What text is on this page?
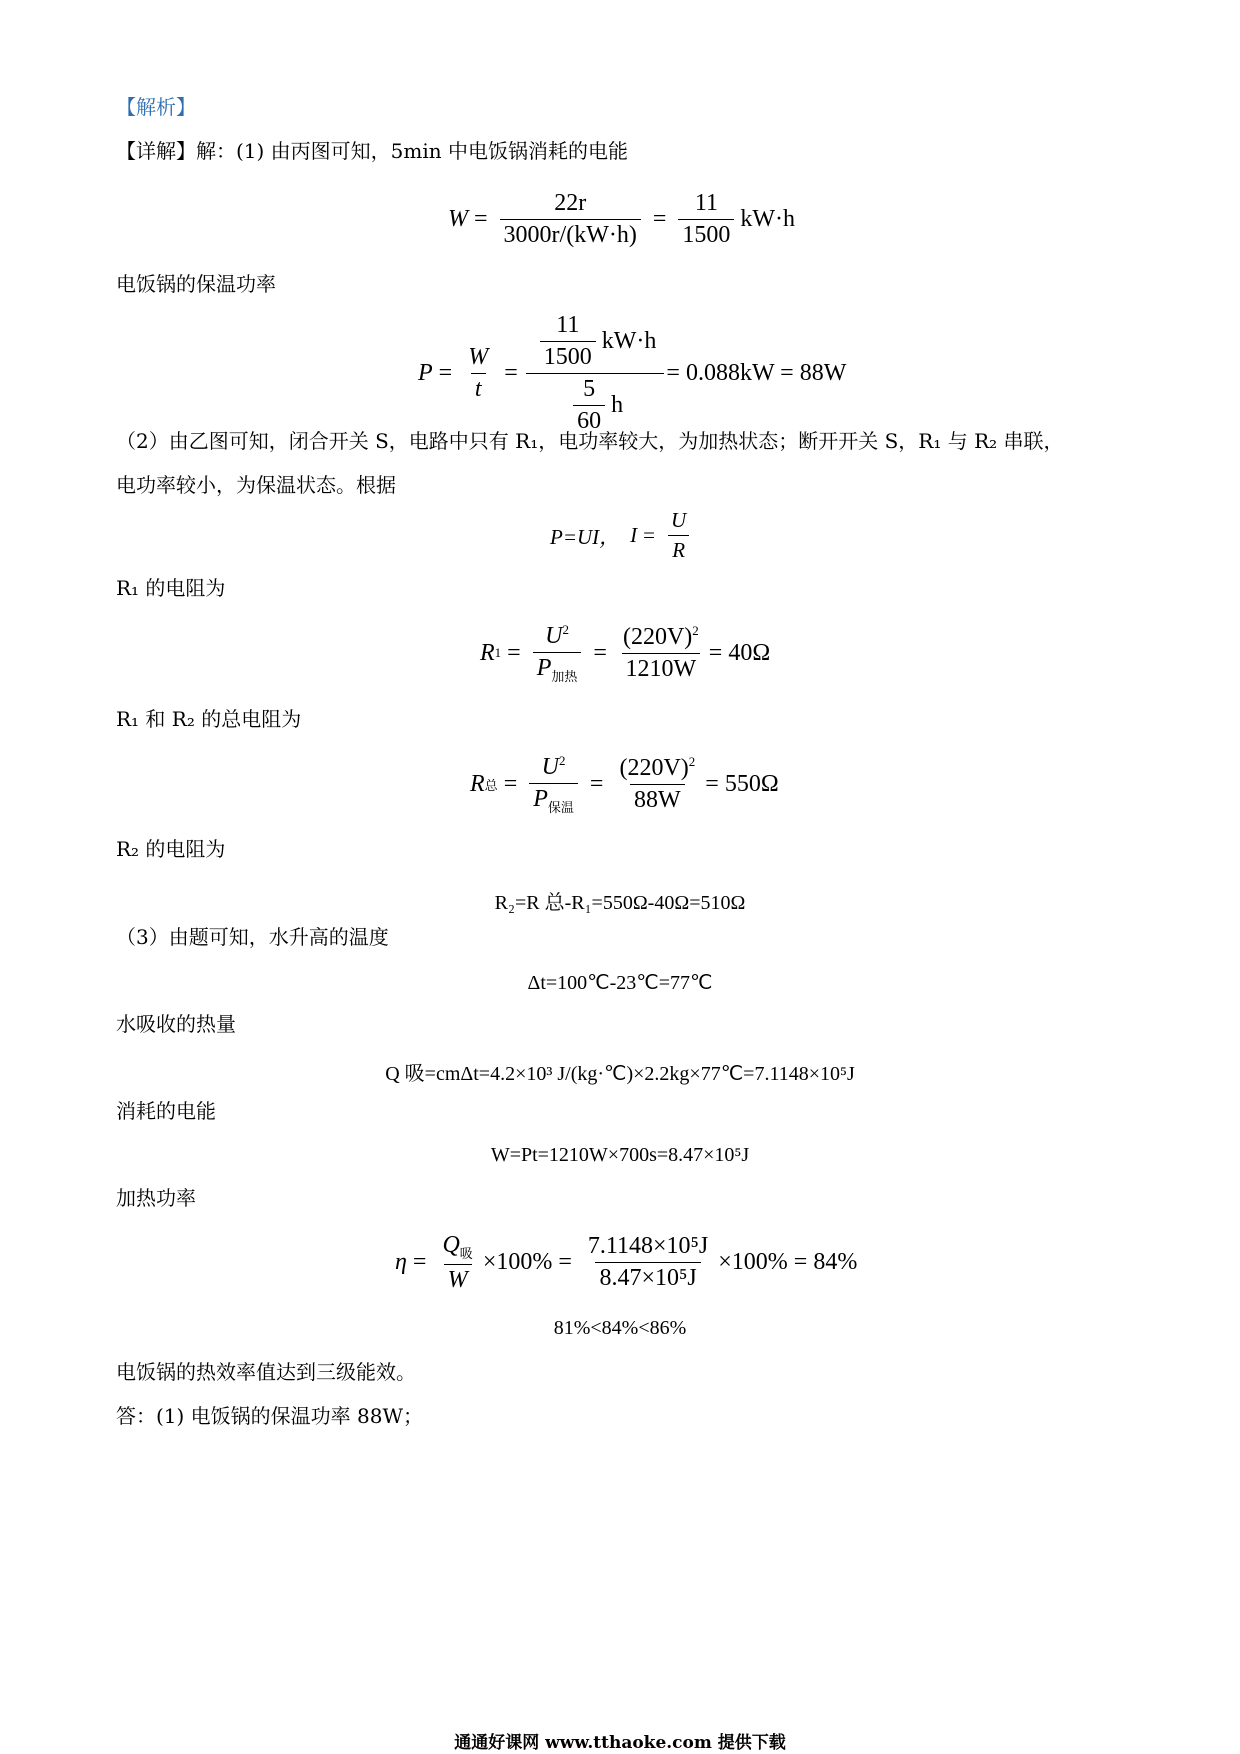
【解析】
【详解】解：(1) 由丙图可知，5min 中电饭锅消耗的电能
$W = \frac{22r}{3000r/(kW\cdot h)} = \frac{11}{1500} kW\cdot h$
电饭锅的保温功率
$P = \frac{W}{t} = \frac{\frac{11}{1500} kW\cdot h}{\frac{5}{60} h} = 0.088kW = 88W$
（2）由乙图可知，闭合开关 S，电路中只有 R₁，电功率较大，为加热状态；断开开关 S，R₁ 与 R₂ 串联，
电功率较小，为保温状态。根据
P=UI， $I = \frac{U}{R}$
R₁ 的电阻为
R $1 = \frac{U^2}{P_{加热}} = \frac{(220V)^2}{1210W} = 40\Omega$
R₁ 和 R₂ 的总电阻为
R 总 = $\frac{U^2}{P_{保温}} = \frac{(220V)^2}{88W} = 550\Omega$
R₂ 的电阻为
R₂=R 总-R₁=550Ω-40Ω=510Ω
（3）由题可知，水升高的温度
Δt=100℃-23℃=77℃
水吸收的热量
Q 吸=cmΔt=4.2×10³ J/(kg·℃)×2.2kg×77℃=7.1148×10⁵J
消耗的电能
W=Pt=1210W×700s=8.47×10⁵J
加热功率
$\eta = \frac{Q_吸}{W} \times 100\% = \frac{\text{7.1148×10⁵J}}{\text{8.47×10⁵J}} \times 100\% = 84\%$
81%<84%<86%
电饭锅的热效率值达到三级能效。
答：(1) 电饭锅的保温功率 88W；
通通好课网 www.tthaoke.com 提供下载
